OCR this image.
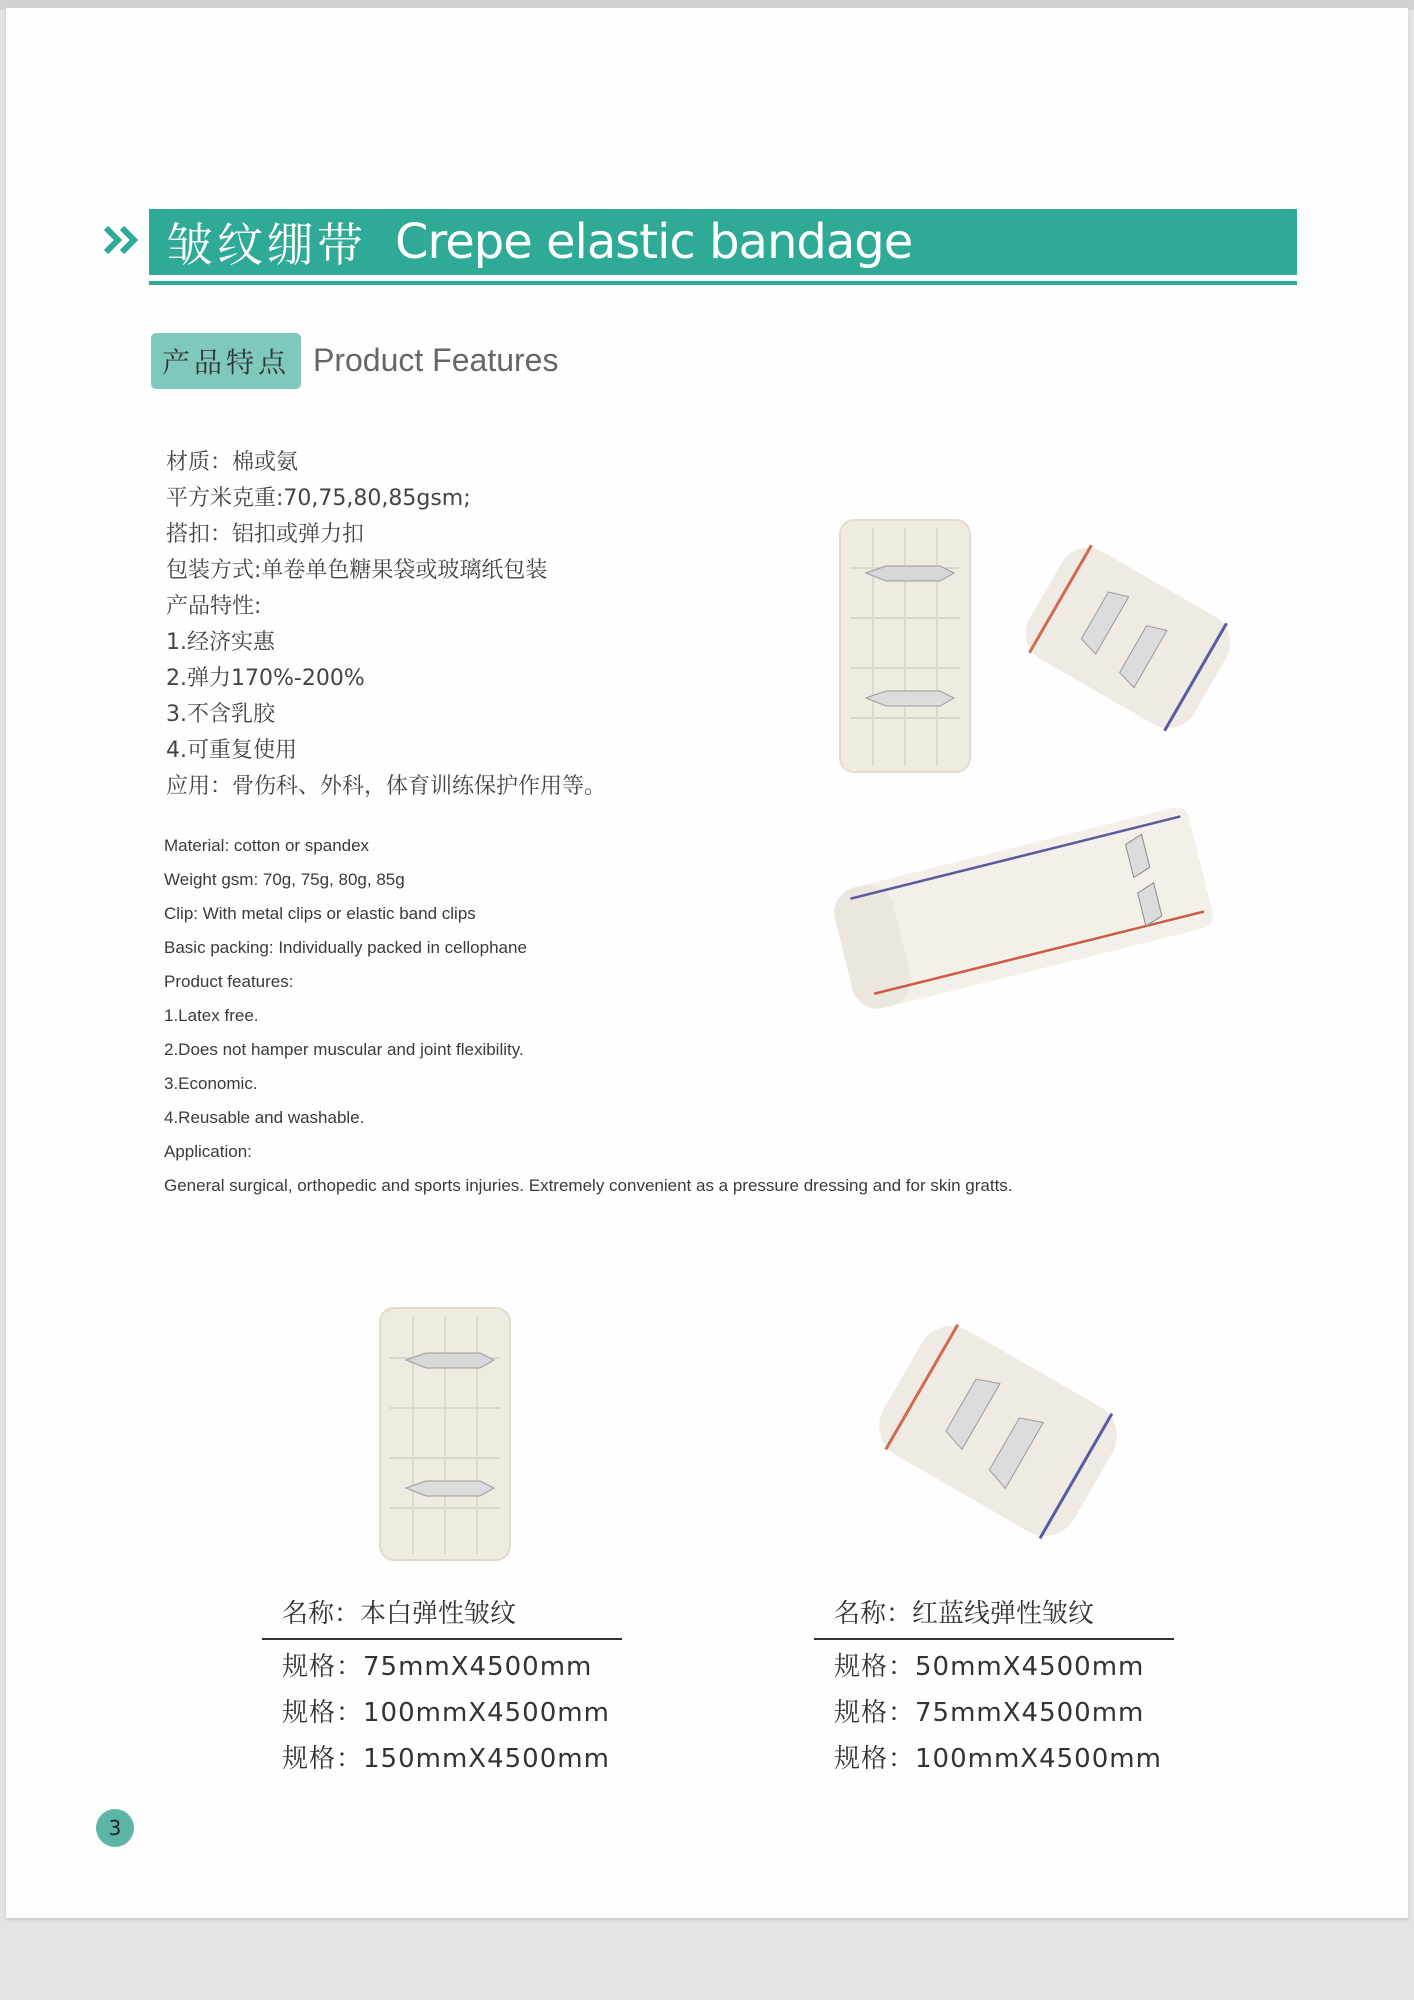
皱纹绷带 Crepe elastic bandage
产品特点 Product Features
材质：棉或氨
平方米克重:70,75,80,85gsm;
搭扣：铝扣或弹力扣
包装方式:单卷单色糖果袋或玻璃纸包装
产品特性:
1.经济实惠
2.弹力170%-200%
3.不含乳胶
4.可重复使用
应用：骨伤科、外科，体育训练保护作用等。
Material: cotton or spandex
Weight gsm: 70g, 75g, 80g, 85g
Clip: With metal clips or elastic band clips
Basic packing: Individually packed in cellophane
Product features:
1.Latex free.
2.Does not hamper muscular and joint flexibility.
3.Economic.
4.Reusable and washable.
Application:
General surgical, orthopedic and sports injuries. Extremely convenient as a pressure dressing and for skin gratts.
名称：本白弹性皱纹
规格：75mmX4500mm
规格：100mmX4500mm
规格：150mmX4500mm
名称：红蓝线弹性皱纹
规格：50mmX4500mm
规格：75mmX4500mm
规格：100mmX4500mm
3
